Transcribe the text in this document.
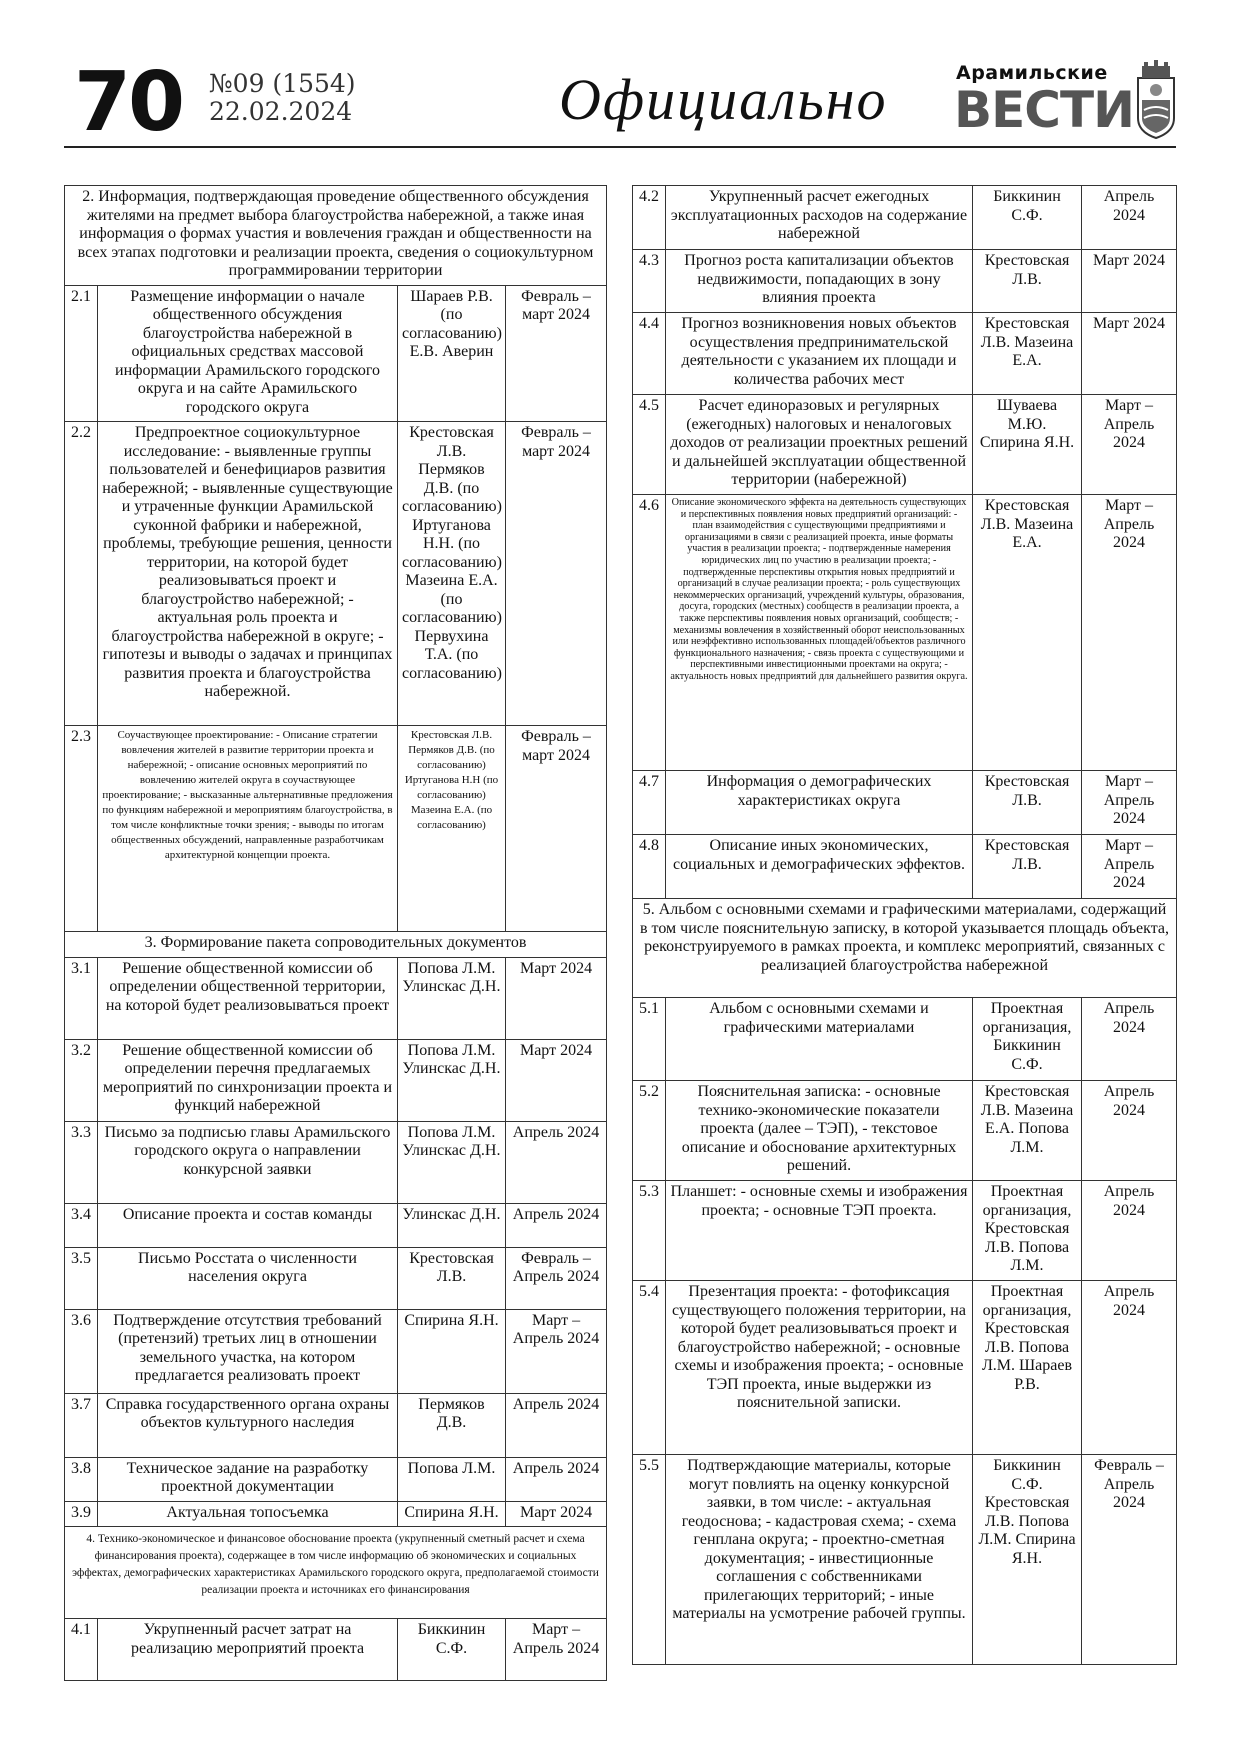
70 №09 (1554)
22.02.2024	Официально	Арамильские
ВЕСТИ
2. Информация, подтверждающая проведение общественного обсуждения жителями на предмет выбора благоустройства набережной, а также иная информация о формах участия и вовлечения граждан и общественности на всех этапах подготовки и реализации проекта, сведения о социокультурном программировании территории			
2.1	Размещение информации о начале общественного обсуждения благоустройства набережной в официальных средствах массовой информации Арамильского городского округа и на сайте Арамильского городского округа	Шараев Р.В. (по согласованию) Е.В. Аверин	Февраль – март 2024
2.2	Предпроектное социокультурное исследование: - выявленные группы пользователей и бенефициаров развития набережной; - выявленные существующие и утраченные функции Арамильской суконной фабрики и набережной, проблемы, требующие решения, ценности территории, на которой будет реализовываться проект и благоустройство набережной; - актуальная роль проекта и благоустройства набережной в округе; - гипотезы и выводы о задачах и принципах развития проекта и благоустройства набережной.	Крестовская Л.В. Пермяков Д.В. (по согласованию) Иртуганова Н.Н. (по согласованию) Мазеина Е.А. (по согласованию) Первухина Т.А. (по согласованию)	Февраль – март 2024
2.3	Соучаствующее проектирование: - Описание стратегии вовлечения жителей в развитие территории проекта и набережной; - описание основных мероприятий по вовлечению жителей округа в соучаствующее проектирование; - высказанные альтернативные предложения по функциям набережной и мероприятиям благоустройства, в том числе конфликтные точки зрения; - выводы по итогам общественных обсуждений, направленные разработчикам архитектурной концепции проекта.	Крестовская Л.В. Пермяков Д.В. (по согласованию) Иртуганова Н.Н (по согласованию) Мазеина Е.А. (по согласованию)	Февраль – март 2024
3. Формирование пакета сопроводительных документов			
3.1	Решение общественной комиссии об определении общественной территории, на которой будет реализовываться проект	Попова Л.М. Улинскас Д.Н.	Март 2024
3.2	Решение общественной комиссии об определении перечня предлагаемых мероприятий по синхронизации проекта и функций набережной	Попова Л.М. Улинскас Д.Н.	Март 2024
3.3	Письмо за подписью главы Арамильского городского округа о направлении конкурсной заявки	Попова Л.М. Улинскас Д.Н.	Апрель 2024
3.4	Описание проекта и состав команды	Улинскас Д.Н.	Апрель 2024
3.5	Письмо Росстата о численности населения округа	Крестовская Л.В.	Февраль – Апрель 2024
3.6	Подтверждение отсутствия требований (претензий) третьих лиц в отношении земельного участка, на котором предлагается реализовать проект	Спирина Я.Н.	Март – Апрель 2024
3.7	Справка государственного органа охраны объектов культурного наследия	Пермяков Д.В.	Апрель 2024
3.8	Техническое задание на разработку проектной документации	Попова Л.М.	Апрель 2024
3.9	Актуальная топосъемка	Спирина Я.Н.	Март 2024
4. Технико-экономическое и финансовое обоснование проекта (укрупненный сметный расчет и схема финансирования проекта), содержащее в том числе информацию об экономических и социальных эффектах, демографических характеристиках Арамильского городского округа, предполагаемой стоимости реализации проекта и источниках его финансирования			
4.1	Укрупненный расчет затрат на реализацию мероприятий проекта	Биккинин С.Ф.	Март – Апрель 2024
4.2	Укрупненный расчет ежегодных эксплуатационных расходов на содержание набережной	Биккинин С.Ф.	Апрель 2024
4.3	Прогноз роста капитализации объектов недвижимости, попадающих в зону влияния проекта	Крестовская Л.В.	Март 2024
4.4	Прогноз возникновения новых объектов осуществления предпринимательской деятельности с указанием их площади и количества рабочих мест	Крестовская Л.В. Мазеина Е.А.	Март 2024
4.5	Расчет единоразовых и регулярных (ежегодных) налоговых и неналоговых доходов от реализации проектных решений и дальнейшей эксплуатации общественной территории (набережной)	Шуваева М.Ю. Спирина Я.Н.	Март – Апрель 2024
4.6	Описание экономического эффекта на деятельность существующих и перспективных появления новых предприятий организаций: - план взаимодействия с существующими предприятиями и организациями в связи с реализацией проекта, иные форматы участия в реализации проекта; - подтвержденные намерения юридических лиц по участию в реализации проекта; - подтвержденные перспективы открытия новых предприятий и организаций в случае реализации проекта; - роль существующих некоммерческих организаций, учреждений культуры, образования, досуга, городских (местных) сообществ в реализации проекта, а также перспективы появления новых организаций, сообществ; - механизмы вовлечения в хозяйственный оборот неиспользованных или неэффективно использованных площадей/объектов различного функционального назначения; - связь проекта с существующими и перспективными инвестиционными проектами на округа; - актуальность новых предприятий для дальнейшего развития округа.	Крестовская Л.В. Мазеина Е.А.	Март – Апрель 2024
4.7	Информация о демографических характеристиках округа	Крестовская Л.В.	Март – Апрель 2024
4.8	Описание иных экономических, социальных и демографических эффектов.	Крестовская Л.В.	Март – Апрель 2024
5. Альбом с основными схемами и графическими материалами, содержащий в том числе пояснительную записку, в которой указывается площадь объекта, реконструируемого в рамках проекта, и комплекс мероприятий, связанных с реализацией благоустройства набережной			
5.1	Альбом с основными схемами и графическими материалами	Проектная организация, Биккинин С.Ф.	Апрель 2024
5.2	Пояснительная записка: - основные технико-экономические показатели проекта (далее – ТЭП), - текстовое описание и обоснование архитектурных решений.	Крестовская Л.В. Мазеина Е.А. Попова Л.М.	Апрель 2024
5.3	Планшет: - основные схемы и изображения проекта; - основные ТЭП проекта.	Проектная организация, Крестовская Л.В. Попова Л.М.	Апрель 2024
5.4	Презентация проекта: - фотофиксация существующего положения территории, на которой будет реализовываться проект и благоустройство набережной; - основные схемы и изображения проекта; - основные ТЭП проекта, иные выдержки из пояснительной записки.	Проектная организация, Крестовская Л.В. Попова Л.М. Шараев Р.В.	Апрель 2024
5.5	Подтверждающие материалы, которые могут повлиять на оценку конкурсной заявки, в том числе: - актуальная геодоснова; - кадастровая схема; - схема генплана округа; - проектно-сметная документация; - инвестиционные соглашения с собственниками прилегающих территорий; - иные материалы на усмотрение рабочей группы.	Биккинин С.Ф. Крестовская Л.В. Попова Л.М. Спирина Я.Н.	Февраль – Апрель 2024
